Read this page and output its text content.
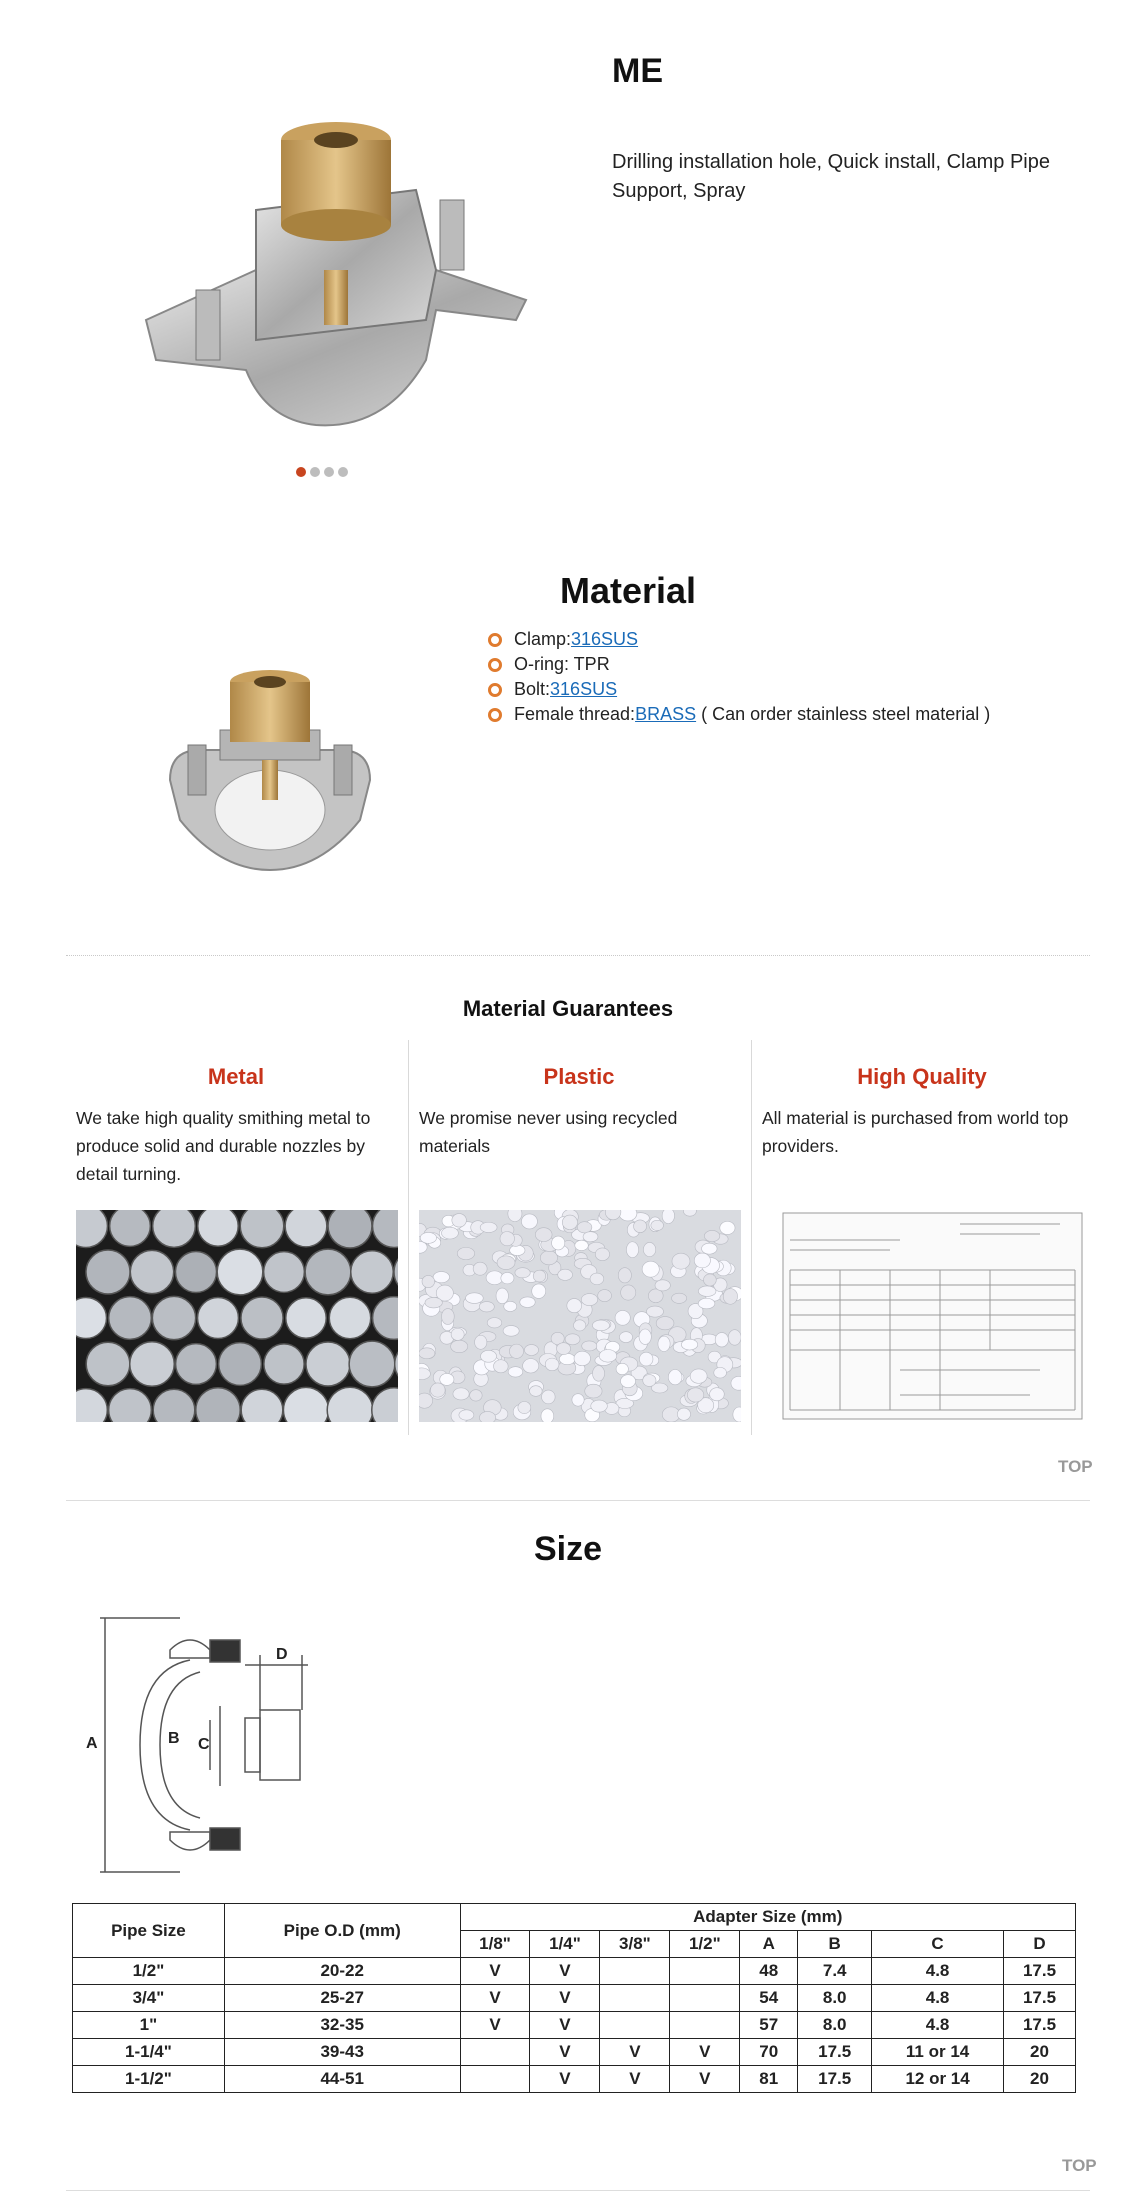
ME
Drilling installation hole, Quick install, Clamp Pipe Support, Spray
Material
Clamp: 316SUS
O-ring: TPR
Bolt: 316SUS
Female thread: BRASS ( Can order stainless steel material )
Material Guarantees
Metal

We take high quality smithing metal to produce solid and durable nozzles by detail turning.

Plastic

We promise never using recycled materials

High Quality

All material is purchased from world top providers.

TOP
Size
A	B C
D
Pipe Size	Pipe O.D (mm)	Adapter Size (mm)							
		1/8"	1/4"	3/8"	1/2"	A	B	C	D
1/2"	20-22	V	V			48	7.4	4.8	17.5
3/4"	25-27	V	V			54	8.0	4.8	17.5
1"	32-35	V	V			57	8.0	4.8	17.5
1-1/4"	39-43		V	V	V	70	17.5	11 or 14	20
1-1/2"	44-51		V	V	V	81	17.5	12 or 14	20
TOP
